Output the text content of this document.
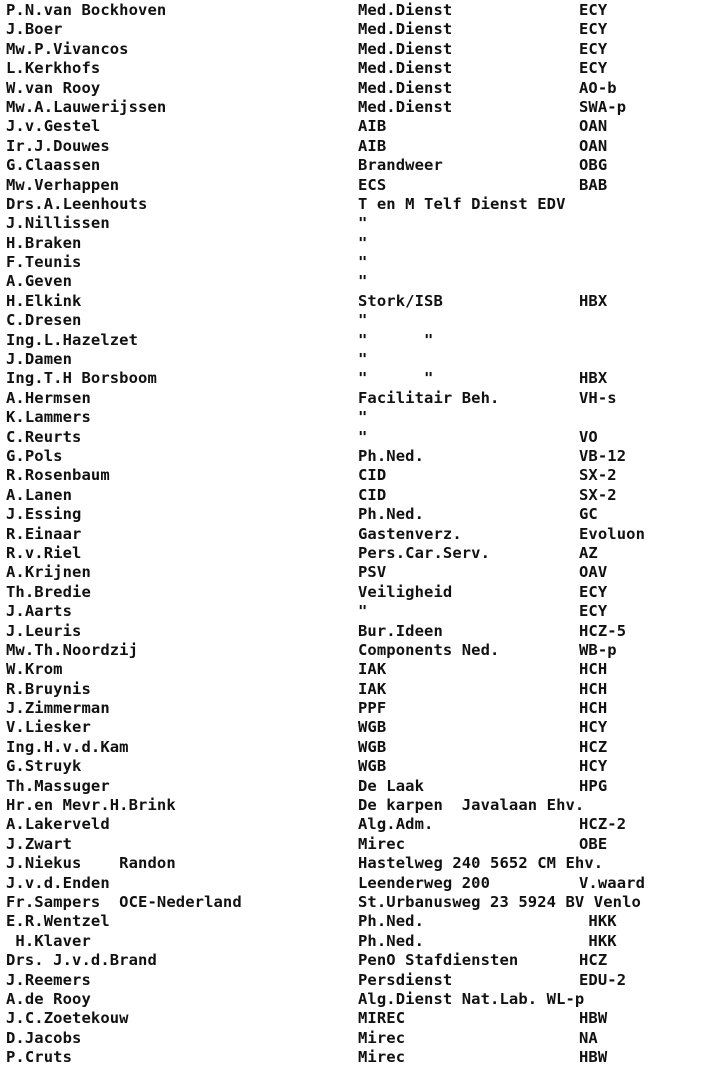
P.N.van Bockhoven	Med.Dienst	ECY
J.Boer	Med.Dienst	ECY
Mw.P.Vivancos	Med.Dienst	ECY
L.Kerkhofs	Med.Dienst	ECY
W.van Rooy	Med.Dienst	AO-b
Mw.A.Lauwerijssen	Med.Dienst	SWA-p
J.v.Gestel	AIB	OAN
Ir.J.Douwes	AIB	OAN
G.Claassen	Brandweer	OBG
Mw.Verhappen	ECS	BAB
Drs.A.Leenhouts	T en M Telf Dienst EDV
J.Nillissen	"
H.Braken	"
F.Teunis	"
A.Geven	"
H.Elkink	Stork/ISB	HBX
C.Dresen	"
Ing.L.Hazelzet	"      "
J.Damen	"
Ing.T.H Borsboom	"      "	HBX
A.Hermsen	Facilitair Beh.	VH-s
K.Lammers	"
C.Reurts	"	VO
G.Pols	Ph.Ned.	VB-12
R.Rosenbaum	CID	SX-2
A.Lanen	CID	SX-2
J.Essing	Ph.Ned.	GC
R.Einaar	Gastenverz.	Evoluon
R.v.Riel	Pers.Car.Serv.	AZ
A.Krijnen	PSV	OAV
Th.Bredie	Veiligheid	ECY
J.Aarts	"	ECY
J.Leuris	Bur.Ideen	HCZ-5
Mw.Th.Noordzij	Components Ned.	WB-p
W.Krom	IAK	HCH
R.Bruynis	IAK	HCH
J.Zimmerman	PPF	HCH
V.Liesker	WGB	HCY
Ing.H.v.d.Kam	WGB	HCZ
G.Struyk	WGB	HCY
Th.Massuger	De Laak	HPG
Hr.en Mevr.H.Brink	De karpen  Javalaan Ehv.
A.Lakerveld	Alg.Adm.	HCZ-2
J.Zwart	Mirec	OBE
J.Niekus    Randon	Hastelweg 240 5652 CM Ehv.
J.v.d.Enden	Leenderweg 200	V.waard
Fr.Sampers  OCE-Nederland	St.Urbanusweg 23 5924 BV Venlo
E.R.Wentzel	Ph.Ned.	HKK
H.Klaver	Ph.Ned.	HKK
Drs. J.v.d.Brand	PenO Stafdiensten	HCZ
J.Reemers	Persdienst	EDU-2
A.de Rooy	Alg.Dienst Nat.Lab. WL-p
J.C.Zoetekouw	MIREC	HBW
D.Jacobs	Mirec	NA
P.Cruts	Mirec	HBW
